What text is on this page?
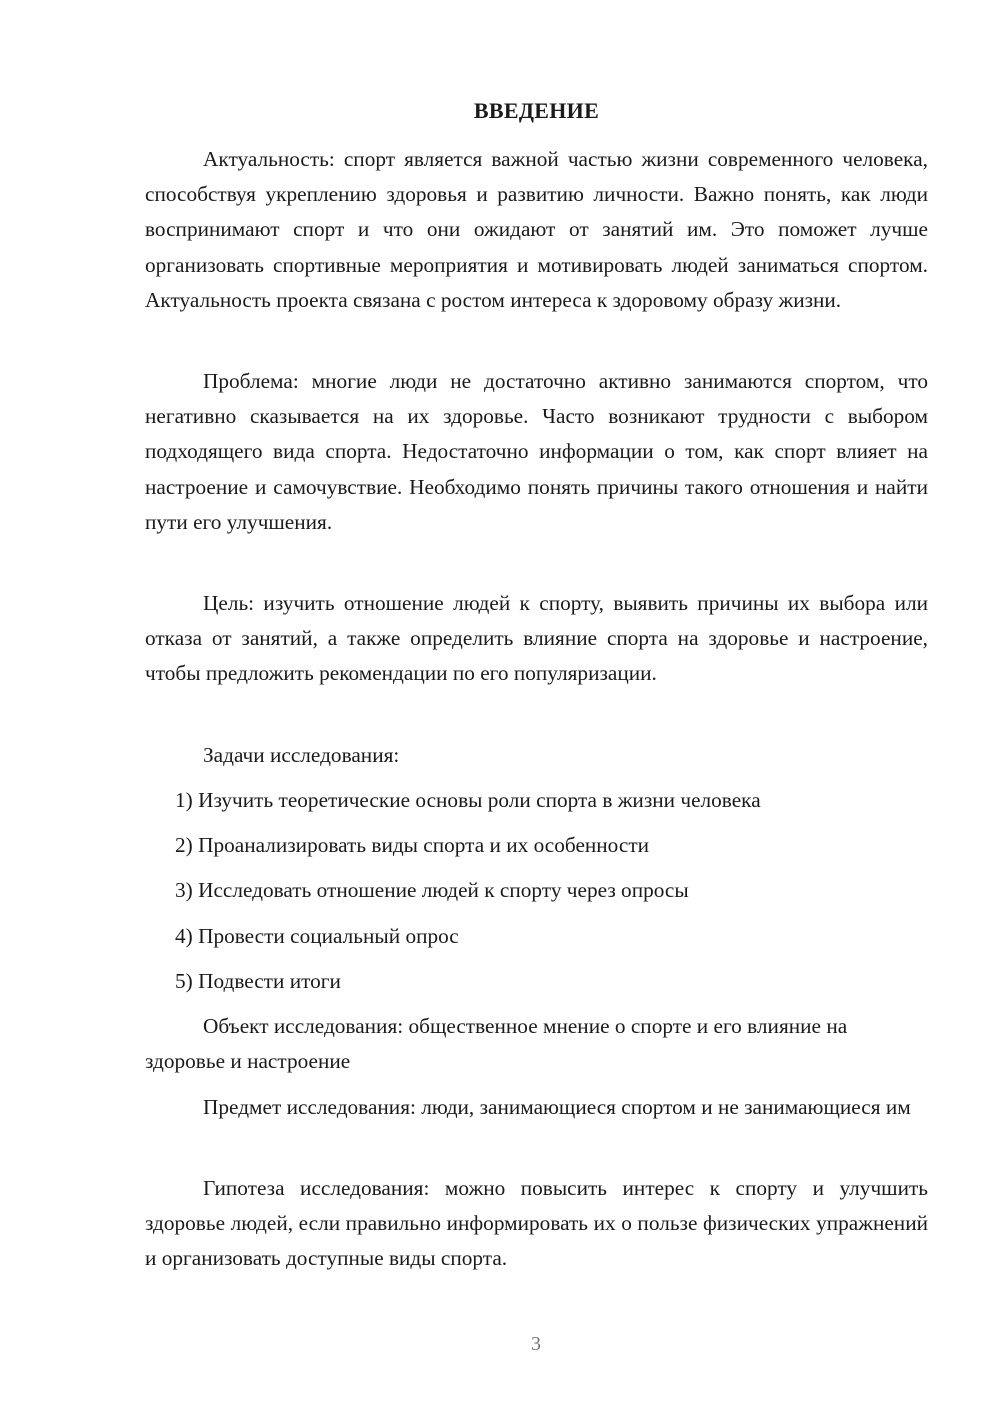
ВВЕДЕНИЕ

Актуальность: спорт является важной частью жизни современного человека, способствуя укреплению здоровья и развитию личности. Важно понять, как люди воспринимают спорт и что они ожидают от занятий им. Это поможет лучше организовать спортивные мероприятия и мотивировать людей заниматься спортом. Актуальность проекта связана с ростом интереса к здоровому образу жизни.

Проблема: многие люди не достаточно активно занимаются спортом, что негативно сказывается на их здоровье. Часто возникают трудности с выбором подходящего вида спорта. Недостаточно информации о том, как спорт влияет на настроение и самочувствие. Необходимо понять причины такого отношения и найти пути его улучшения.

Цель: изучить отношение людей к спорту, выявить причины их выбора или отказа от занятий, а также определить влияние спорта на здоровье и настроение, чтобы предложить рекомендации по его популяризации.

Задачи исследования:

1) Изучить теоретические основы роли спорта в жизни человека
2) Проанализировать виды спорта и их особенности
3) Исследовать отношение людей к спорту через опросы
4) Провести социальный опрос
5) Подвести итоги

Объект исследования: общественное мнение о спорте и его влияние на здоровье и настроение

Предмет исследования: люди, занимающиеся спортом и не занимающиеся им

Гипотеза исследования: можно повысить интерес к спорту и улучшить здоровье людей, если правильно информировать их о пользе физических упражнений и организовать доступные виды спорта.

3
